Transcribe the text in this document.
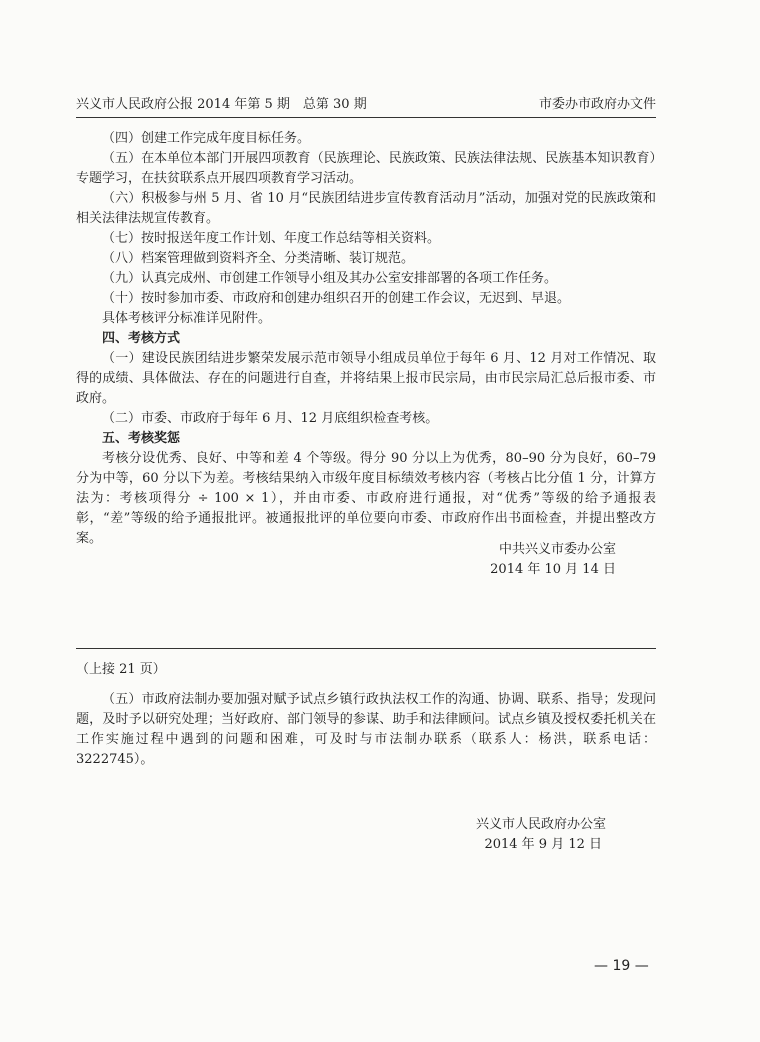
兴义市人民政府公报 2014 年第 5 期　总第 30 期	市委办市政府办文件

（四）创建工作完成年度目标任务。

（五）在本单位本部门开展四项教育（民族理论、民族政策、民族法律法规、民族基本知识教育）专题学习，在扶贫联系点开展四项教育学习活动。

（六）积极参与州 5 月、省 10 月“民族团结进步宣传教育活动月”活动，加强对党的民族政策和相关法律法规宣传教育。

（七）按时报送年度工作计划、年度工作总结等相关资料。

（八）档案管理做到资料齐全、分类清晰、装订规范。

（九）认真完成州、市创建工作领导小组及其办公室安排部署的各项工作任务。

（十）按时参加市委、市政府和创建办组织召开的创建工作会议，无迟到、早退。

具体考核评分标准详见附件。

四、考核方式

（一）建设民族团结进步繁荣发展示范市领导小组成员单位于每年 6 月、12 月对工作情况、取得的成绩、具体做法、存在的问题进行自查，并将结果上报市民宗局，由市民宗局汇总后报市委、市政府。

（二）市委、市政府于每年 6 月、12 月底组织检查考核。

五、考核奖惩

考核分设优秀、良好、中等和差 4 个等级。得分 90 分以上为优秀，80–90 分为良好，60–79 分为中等，60 分以下为差。考核结果纳入市级年度目标绩效考核内容（考核占比分值 1 分，计算方法为：考核项得分 ÷ 100 × 1），并由市委、市政府进行通报，对“优秀”等级的给予通报表彰，“差”等级的给予通报批评。被通报批评的单位要向市委、市政府作出书面检查，并提出整改方案。

中共兴义市委办公室
2014 年 10 月 14 日
（上接 21 页）

（五）市政府法制办要加强对赋予试点乡镇行政执法权工作的沟通、协调、联系、指导；发现问题，及时予以研究处理；当好政府、部门领导的参谋、助手和法律顾问。试点乡镇及授权委托机关在工作实施过程中遇到的问题和困难，可及时与市法制办联系（联系人：杨洪，联系电话：3222745）。

兴义市人民政府办公室
2014 年 9 月 12 日
— 19 —
